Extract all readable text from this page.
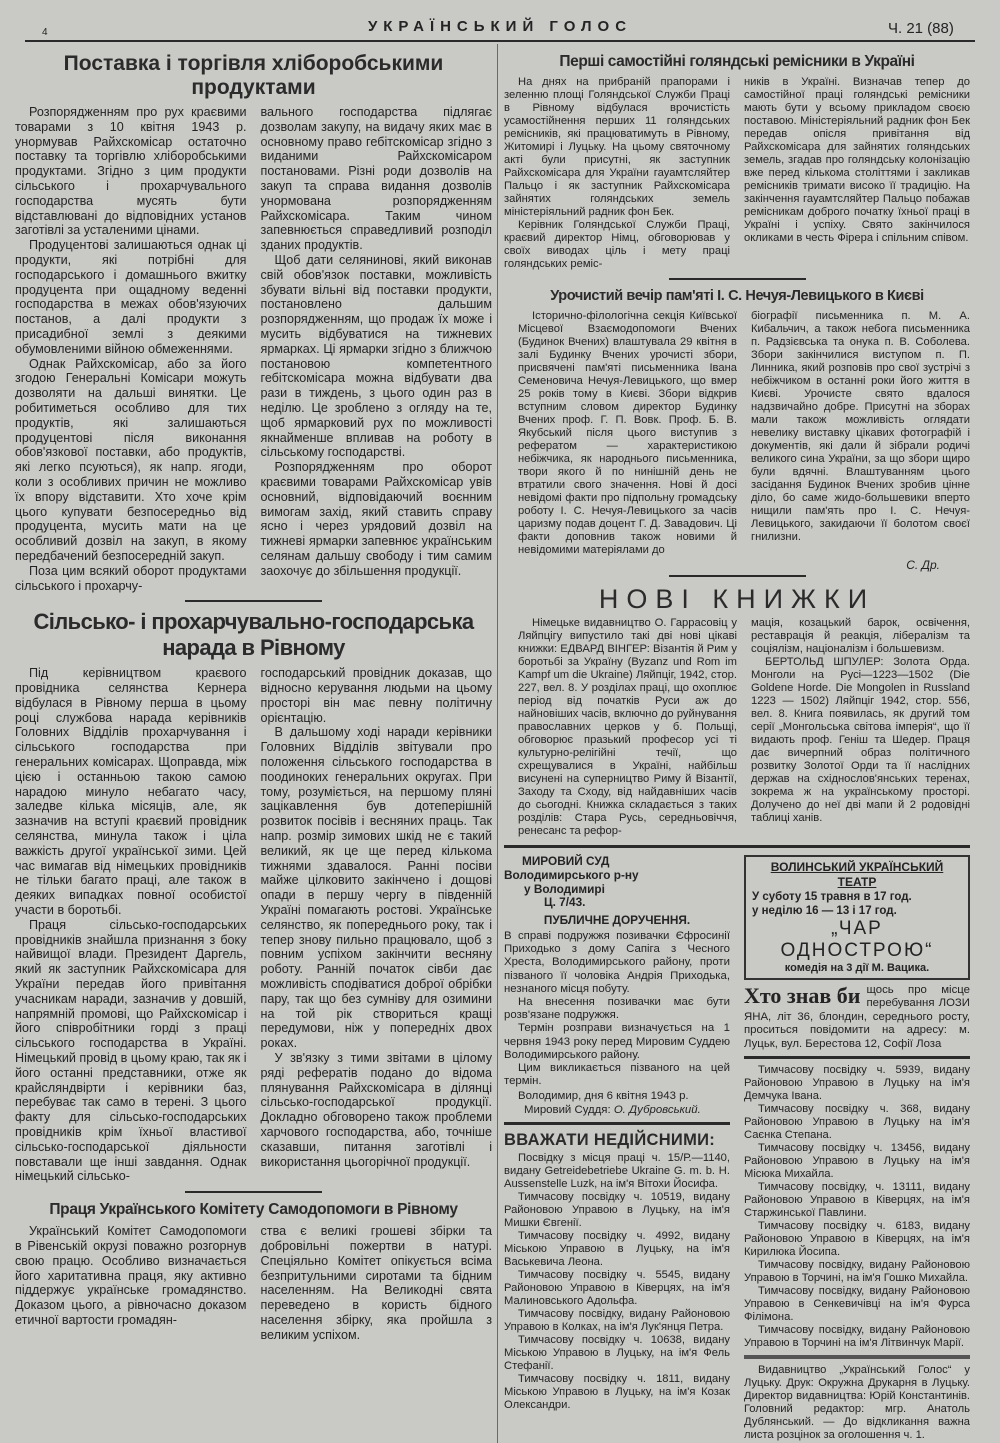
4	УКРАЇНСЬКИЙ ГОЛОС	Ч. 21 (88)
Поставка і торгівля хліборобськими продуктами

Розпорядженням про рух краєвими товарами з 10 квітня 1943 р. унормував Райхскомісар остаточно поставку та торгівлю хліборобськими продуктами. Згідно з цим продукти сільського і прохарчувального господарства мусять бути відставлювані до відповідних установ заготівлі за усталеними цінами.

Продуцентові залишаються однак ці продукти, які потрібні для господарського і домашнього вжитку продуцента при ощадному веденні господарства в межах обов'язуючих постанов, а далі продукти з присадибної землі з деякими обумовленими війною обмеженнями.

Однак Райхскомісар, або за його згодою Генеральні Комісари можуть дозволяти на дальші винятки. Це робитиметься особливо для тих продуктів, які залишаються продуцентові після виконання обов'язкової поставки, або продуктів, які легко псуються), як напр. ягоди, коли з особливих причин не можливо їх впору відставити. Хто хоче крім цього купувати безпосередньо від продуцента, мусить мати на це особливий дозвіл на закуп, в якому передбачений безпосередній закуп.

Поза цим всякий оборот продуктами сільського і прохарчу-

вального господарства підлягає дозволам закупу, на видачу яких має в основному право гебітскомісар згідно з виданими Райхскомісаром постановами. Різні роди дозволів на закуп та справа видання дозволів унормована розпорядженням Райхскомісара. Таким чином запевнюється справедливий розподіл зданих продуктів.

Щоб дати селянинові, який виконав свій обов'язок поставки, можливість збувати вільні від поставки продукти, постановлено дальшим розпорядженням, що продаж їх може і мусить відбуватися на тижневих ярмарках. Ці ярмарки згідно з ближчою постановою компетентного гебітскомісара можна відбувати два рази в тиждень, з цього один раз в неділю. Це зроблено з огляду на те, щоб ярмарковий рух по можливості якнайменше впливав на роботу в сільському господарстві.

Розпорядженням про оборот краєвими товарами Райхскомісар увів основний, відповідаючий воєнним вимогам захід, який ставить справу ясно і через урядовий дозвіл на тижневі ярмарки запевнює українським селянам дальшу свободу і тим самим заохочує до збільшення продукції.

Сільсько- і прохарчувально-господарська нарада в Рівному

Під керівництвом краєвого провідника селянства Кернера відбулася в Рівному перша в цьому році службова нарада керівників Головних Відділів прохарчування і сільського господарства при генеральних комісарах. Щоправда, між цією і останньою такою самою нарадою минуло небагато часу, заледве кілька місяців, але, як зазначив на вступі краєвий провідник селянства, минула також і ціла важкість другої української зими. Цей час вимагав від німецьких провідників не тільки багато праці, але також в деяких випадках повної особистої участи в боротьбі.

Праця сільсько-господарських провідників знайшла признання з боку найвищої влади. Президент Даргель, який як заступник Райхскомісара для України передав його привітання учасникам наради, зазначив у довшій, напрямній промові, що Райхскомісар і його співробітники горді з праці сільського господарства в Україні. Німецький провід в цьому краю, так як і його останні представники, отже як крайсляндвірти і керівники баз, перебуває так само в терені. З цього факту для сільсько-господарських провідників крім їхньої властивої сільсько-господарської діяльности повставали ще інші завдання. Однак німецький сільсько-

господарський провідник доказав, що відносно керування людьми на цьому просторі він має певну політичну орієнтацію.

В дальшому ході наради керівники Головних Відділів звітували про положення сільського господарства в поодиноких генеральних округах. При тому, розуміється, на першому пляні зацікавлення був дотеперішній розвиток посівів і весняних праць. Так напр. розмір зимових шкід не є такий великий, як це ще перед кількома тижнями здавалося. Ранні посіви майже цілковито закінчено і дощові опади в першу чергу в південній Україні помагають ростові. Українське селянство, як попереднього року, так і тепер знову пильно працювало, щоб з повним успіхом закінчити весняну роботу. Ранній початок сівби дає можливість сподіватися доброї обрібки пару, так що без сумніву для озимини на той рік створиться кращі передумови, ніж у попередніх двох роках.

У зв'язку з тими звітами в цілому ряді рефератів подано до відома плянування Райхскомісара в ділянці сільсько-господарської продукції. Докладно обговорено також проблеми харчового господарства, або, точніше сказавши, питання заготівлі і використання цьогорічної продукції.

Праця Українського Комітету Самодопомоги в Рівному

Український Комітет Самодопомоги в Рівенській окрузі поважно розгорнув свою працю. Особливо визначається його харитативна праця, яку активно піддержує українське громадянство. Доказом цього, а рівночасно доказом етичної вартости громадян-

ства є великі грошеві збірки та добровільні пожертви в натурі. Спеціяльно Комітет опікується всіма безпритульними сиротами та бідним населенням. На Великодні свята переведено в користь бідного населення збірку, яка пройшла з великим успіхом.

Перші самостійні голяндські ремісники в Україні

На днях на прибраній прапорами і зеленню площі Голяндської Служби Праці в Рівному відбулася врочистість усамостійнення перших 11 голяндських ремісників, які працюватимуть в Рівному, Житомирі і Луцьку. На цьому святочному акті були присутні, як заступник Райхскомісара для України гауамтсляйтер Пальцо і як заступник Райхскомісара зайнятих голяндських земель міністеріяльний радник фон Бек.

Керівник Голяндської Служби Праці, краєвий директор Німц, обговорював у своїх виводах ціль і мету праці голяндських реміс-

ників в Україні. Визначав тепер до самостійної праці голяндські ремісники мають бути у всьому прикладом своєю поставою. Міністеріяльний радник фон Бек передав опісля привітання від Райхскомісара для зайнятих голяндських земель, згадав про голяндську колонізацію вже перед кількома століттями і закликав ремісників тримати високо її традицію. На закінчення гауамтсляйтер Пальцо побажав ремісникам доброго початку їхньої праці в Україні і успіху. Свято закінчилося окликами в честь Фірера і спільним співом.

Урочистий вечір пам'яті І. С. Нечуя-Левицького в Києві

Історично-філологічна секція Київської Місцевої Взаємодопомоги Вчених (Будинок Вчених) влаштувала 29 квітня в залі Будинку Вчених урочисті збори, присвячені пам'яті письменника Івана Семеновича Нечуя-Левицького, що вмер 25 років тому в Києві. Збори відкрив вступним словом директор Будинку Вчених проф. Г. П. Вовк. Проф. Б. В. Якубський після цього виступив з рефератом — характеристикою небіжчика, як народнього письменника, твори якого й по нинішній день не втратили свого значення. Нові й досі невідомі факти про підпольну громадську роботу І. С. Нечуя-Левицького за часів царизму подав доцент Г. Д. Завадович. Ці факти доповнив також новими й невідомими матеріялами до

біографії письменника п. М. А. Кибальчич, а також небога письменника п. Радзієвська та онука п. В. Соболева. Збори закінчилися виступом п. П. Линника, який розповів про свої зустрічі з небіжчиком в останні роки його життя в Києві. Урочисте свято вдалося надзвичайно добре. Присутні на зборах мали також можливість оглядати невелику виставку цікавих фотографій і документів, які дали й зібрали родичі великого сина України, за що збори щиро були вдячні. Влаштуванням цього засідання Будинок Вчених зробив цінне діло, бо саме жидо-большевики вперто нищили пам'ять про І. С. Нечуя-Левицького, закидаючи її болотом своєї гнилизни.

С. Др.
НОВІ КНИЖКИ

Німецьке видавництво О. Гаррасовіц у Ляйпцігу випустило такі дві нові цікаві книжки: ЕДВАРД ВІНГЕР: Візантія й Рим у боротьбі за Україну (Byzanz und Rom im Kampf um die Ukraine) Ляйпціг, 1942, стор. 227, вел. 8. У розділах праці, що охоплює період від початків Руси аж до найновіших часів, включно до руйнування православних церков у б. Польщі, обговорює празький професор усі ті культурно-релігійні течії, що схрещувалися в Україні, найбільш висунені на суперництво Риму й Візантії, Заходу та Сходу, від найдавніших часів до сьогодні. Книжка складається з таких розділів: Стара Русь, середньовіччя, ренесанс та рефор-

мація, козацький барок, освічення, реставрація й реакція, лібералізм та соціялізм, націоналізм і большевизм.

БЕРТОЛЬД ШПУЛЕР: Золота Орда. Монголи на Русі—1223—1502 (Die Goldene Horde. Die Mongolen in Russland 1223 — 1502) Ляйпціг 1942, стор. 556, вел. 8. Книга появилась, як другий том серії „Монгольська світова імперія“, що її видають проф. Геніш та Шедер. Праця дає вичерпний образ політичного розвитку Золотої Орди та її наслідних держав на східнослов'янських теренах, зокрема ж на українському просторі. Долучено до неї дві мапи й 2 родовідні таблиці ханів.

МИРОВИЙ СУД
Володимирського р-ну
у Володимирі
Ц. 7/43.
ПУБЛИЧНЕ ДОРУЧЕННЯ.

В справі подружжя позивачки Єфросинії Приходько з дому Сапіга з Чесного Хреста, Володимирського району, проти пізваного її чоловіка Андрія Приходька, незнаного місця побуту.

На внесення позивачки має бути розв'язане подружжя.

Термін розправи визначується на 1 червня 1943 року перед Мировим Суддею Володимирського району.

Цим викликається пізваного на цей термін.

Володимир, дня 6 квітня 1943 р.
Мировий Суддя: О. Дубровський.
ВВАЖАТИ НЕДІЙСНИМИ:

Посвідку з місця праці ч. 15/Р.—1140, видану Getreidebetriebe Ukraine G. m. b. H. Aussenstelle Luzk, на ім'я Вітохи Йосифа.

Тимчасову посвідку ч. 10519, видану Районовою Управою в Луцьку, на ім'я Мишки Євгенії.

Тимчасову посвідку ч. 4992, видану Міською Управою в Луцьку, на ім'я Васькевича Леона.

Тимчасову посвідку ч. 5545, видану Районовою Управою в Ківерцях, на ім'я Малиновського Адольфа.

Тимчасову посвідку, видану Районовою Управою в Колках, на ім'я Лук'янця Петра.

Тимчасову посвідку ч. 10638, видану Міською Управою в Луцьку, на ім'я Фель Стефанії.

Тимчасову посвідку ч. 1811, видану Міською Управою в Луцьку, на ім'я Козак Олександри.

ВОЛИНСЬКИЙ УКРАЇНСЬКИЙ ТЕАТР
У суботу 15 травня в 17 год.
у неділю 16 — 13 і 17 год.
„ЧАР ОДНОСТРОЮ“
комедія на 3 дії М. Вацика.
Хто знав би щось про місце перебування ЛОЗИ ЯНА, літ 36, блондин, середнього росту, проситься повідомити на адресу: м. Луцьк, вул. Берестова 12, Софії Лоза

Тимчасову посвідку ч. 5939, видану Районовою Управою в Луцьку на ім'я Демчука Івана.

Тимчасову посвідку ч. 368, видану Районовою Управою в Луцьку на ім'я Саєнка Степана.

Тимчасову посвідку ч. 13456, видану Районовою Управою в Луцьку на ім'я Місюка Михайла.

Тимчасову посвідку, ч. 13111, видану Районовою Управою в Ківерцях, на ім'я Старжинської Павлини.

Тимчасову посвідку ч. 6183, видану Районовою Управою в Ківерцях, на ім'я Кирилюка Йосипа.

Тимчасову посвідку, видану Районовою Управою в Торчині, на ім'я Гошко Михайла.

Тимчасову посвідку, видану Районовою Управою в Сенкевичівці на ім'я Фурса Філімона.

Тимчасову посвідку, видану Районовою Управою в Торчині на ім'я Літвинчук Марії.

Видавництво „Український Голос“ у Луцьку. Друк: Окружна Друкарня в Луцьку. Директор видавництва: Юрій Константинів. Головний редактор: мгр. Анатоль Дублянський. — До відкликання важна листа розцінок за оголошення ч. 1.
